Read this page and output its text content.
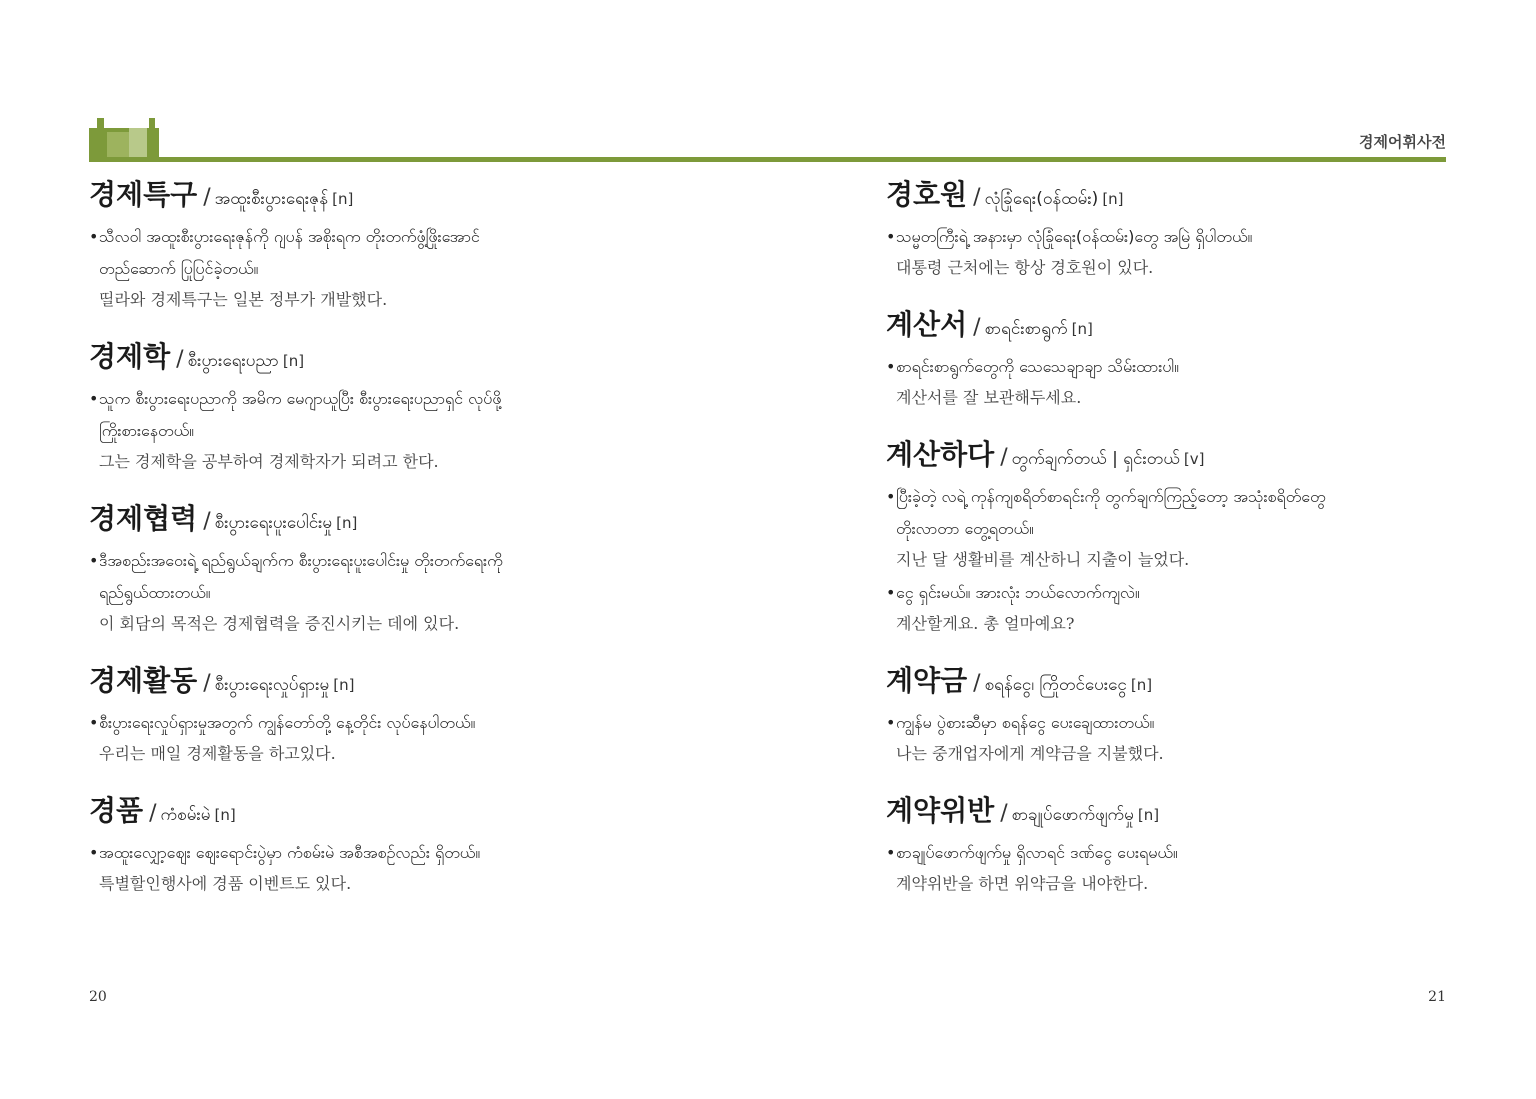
경제어휘사전
경제특구 / အထူးစီးပွားရေးဇုန် [n]
•သီလဝါ အထူးစီးပွားရေးဇုန်ကို ဂျပန် အစိုးရက တိုးတက်ဖွံ့ဖြိုးအောင်
တည်ဆောက် ပြုပြင်ခဲ့တယ်။
띨라와 경제특구는 일본 정부가 개발했다.
경제학 / စီးပွားရေးပညာ [n]
•သူက စီးပွားရေးပညာကို အမိက မေဂျာယူပြီး စီးပွားရေးပညာရှင် လုပ်ဖို့
ကြိုးစားနေတယ်။
그는 경제학을 공부하여 경제학자가 되려고 한다.
경제협력 / စီးပွားရေးပူးပေါင်းမှု [n]
•ဒီအစည်းအဝေးရဲ့ ရည်ရွယ်ချက်က စီးပွားရေးပူးပေါင်းမှု တိုးတက်ရေးကို
ရည်ရွယ်ထားတယ်။
이 회담의 목적은 경제협력을 증진시키는 데에 있다.
경제활동 / စီးပွားရေးလှုပ်ရှားမှု [n]
•စီးပွားရေးလှုပ်ရှားမှုအတွက် ကျွန်တော်တို့ နေ့တိုင်း လုပ်နေပါတယ်။
우리는 매일 경제활동을 하고있다.
경품 / ကံစမ်းမဲ [n]
•အထူးလျှော့ဈေး ဈေးရောင်းပွဲမှာ ကံစမ်းမဲ အစီအစဉ်လည်း ရှိတယ်။
특별할인행사에 경품 이벤트도 있다.
경호원 / လုံခြုံရေး(ဝန်ထမ်း) [n]
•သမ္မတကြီးရဲ့ အနားမှာ လုံခြုံရေး(ဝန်ထမ်း)တွေ အမြဲ ရှိပါတယ်။
대통령 근처에는 항상 경호원이 있다.
계산서 / စာရင်းစာရွက် [n]
•စာရင်းစာရွက်တွေကို သေသေချာချာ သိမ်းထားပါ။
계산서를 잘 보관해두세요.
계산하다 / တွက်ချက်တယ် | ရှင်းတယ် [v]
•ပြီးခဲ့တဲ့ လရဲ့ ကုန်ကျစရိတ်စာရင်းကို တွက်ချက်ကြည့်တော့ အသုံးစရိတ်တွေ
တိုးလာတာ တွေ့ရတယ်။
지난 달 생활비를 계산하니 지출이 늘었다.
•ငွေ ရှင်းမယ်။ အားလုံး ဘယ်လောက်ကျလဲ။
계산할게요. 총 얼마예요?
계약금 / စရန်ငွေ၊ ကြိုတင်ပေးငွေ [n]
•ကျွန်မ ပွဲစားဆီမှာ စရန်ငွေ ပေးချေထားတယ်။
나는 중개업자에게 계약금을 지불했다.
계약위반 / စာချုပ်ဖောက်ဖျက်မှု [n]
•စာချုပ်ဖောက်ဖျက်မှု ရှိလာရင် ဒဏ်ငွေ ပေးရမယ်။
계약위반을 하면 위약금을 내야한다.
20	21
